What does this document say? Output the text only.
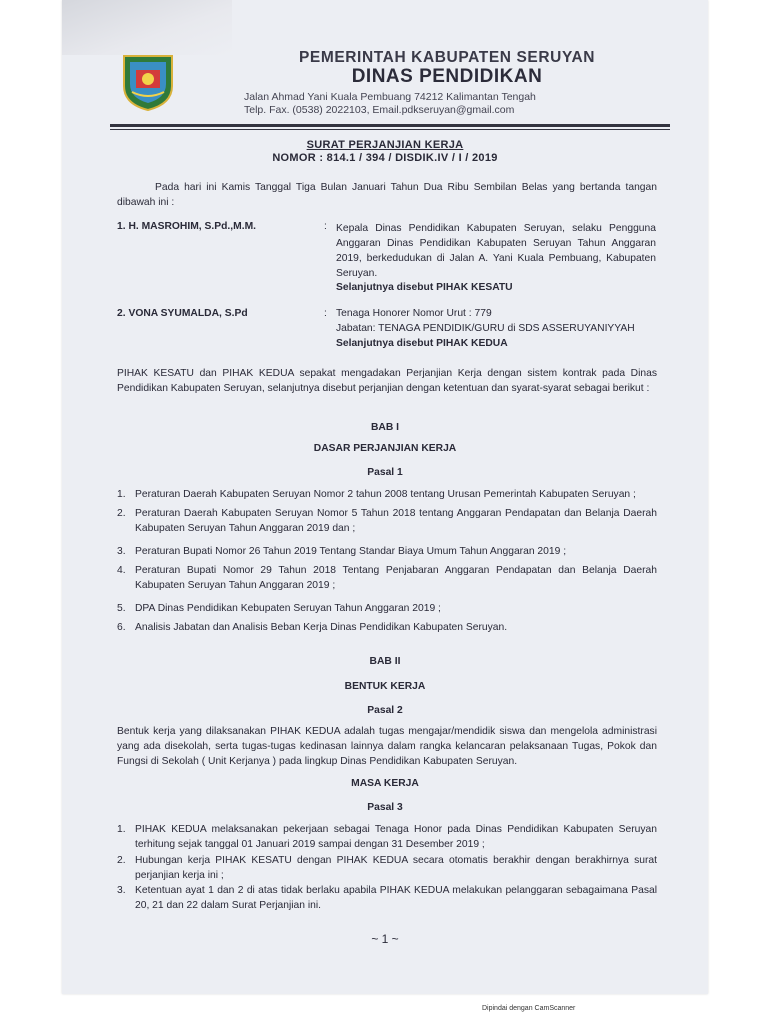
PEMERINTAH KABUPATEN SERUYAN
DINAS PENDIDIKAN
Jalan Ahmad Yani Kuala Pembuang 74212 Kalimantan Tengah
Telp. Fax. (0538) 2022103, Email.pdkseruyan@gmail.com
SURAT PERJANJIAN KERJA
NOMOR : 814.1 / 394 / DISDIK.IV / I / 2019
Pada hari ini Kamis Tanggal Tiga Bulan Januari Tahun Dua Ribu Sembilan Belas yang bertanda tangan dibawah ini :
1. H. MASROHIM, S.Pd.,M.M.	: Kepala Dinas Pendidikan Kabupaten Seruyan, selaku Pengguna Anggaran Dinas Pendidikan Kabupaten Seruyan Tahun Anggaran 2019, berkedudukan di Jalan A. Yani Kuala Pembuang, Kabupaten Seruyan.
Selanjutnya disebut PIHAK KESATU
2. VONA SYUMALDA, S.Pd	: Tenaga Honorer Nomor Urut : 779
Jabatan: TENAGA PENDIDIK/GURU di SDS ASSERUYANIYYAH
Selanjutnya disebut PIHAK KEDUA
PIHAK KESATU dan PIHAK KEDUA sepakat mengadakan Perjanjian Kerja dengan sistem kontrak pada Dinas Pendidikan Kabupaten Seruyan, selanjutnya disebut perjanjian dengan ketentuan dan syarat-syarat sebagai berikut :
BAB I
DASAR PERJANJIAN KERJA
Pasal 1
1. Peraturan Daerah Kabupaten Seruyan Nomor 2 tahun 2008 tentang Urusan Pemerintah Kabupaten Seruyan ;
2. Peraturan Daerah Kabupaten Seruyan Nomor 5 Tahun 2018 tentang Anggaran Pendapatan dan Belanja Daerah Kabupaten Seruyan Tahun Anggaran 2019 dan ;
3. Peraturan Bupati Nomor 26 Tahun 2019 Tentang Standar Biaya Umum Tahun Anggaran 2019 ;
4. Peraturan Bupati Nomor 29 Tahun 2018 Tentang Penjabaran Anggaran Pendapatan dan Belanja Daerah Kabupaten Seruyan Tahun Anggaran 2019 ;
5. DPA Dinas Pendidikan Kebupaten Seruyan Tahun Anggaran 2019 ;
6. Analisis Jabatan dan Analisis Beban Kerja Dinas Pendidikan Kabupaten Seruyan.
BAB II
BENTUK KERJA
Pasal 2
Bentuk kerja yang dilaksanakan PIHAK KEDUA adalah tugas mengajar/mendidik siswa dan mengelola administrasi yang ada disekolah, serta tugas-tugas kedinasan lainnya dalam rangka kelancaran pelaksanaan Tugas, Pokok dan Fungsi di Sekolah ( Unit Kerjanya ) pada lingkup Dinas Pendidikan Kabupaten Seruyan.
MASA KERJA
Pasal 3
1. PIHAK KEDUA melaksanakan pekerjaan sebagai Tenaga Honor pada Dinas Pendidikan Kabupaten Seruyan terhitung sejak tanggal 01 Januari 2019 sampai dengan 31 Desember 2019 ;
2. Hubungan kerja PIHAK KESATU dengan PIHAK KEDUA secara otomatis berakhir dengan berakhirnya surat perjanjian kerja ini ;
3. Ketentuan ayat 1 dan 2 di atas tidak berlaku apabila PIHAK KEDUA melakukan pelanggaran sebagaimana Pasal 20, 21 dan 22 dalam Surat Perjanjian ini.
~ 1 ~
Dipindai dengan CamScanner
